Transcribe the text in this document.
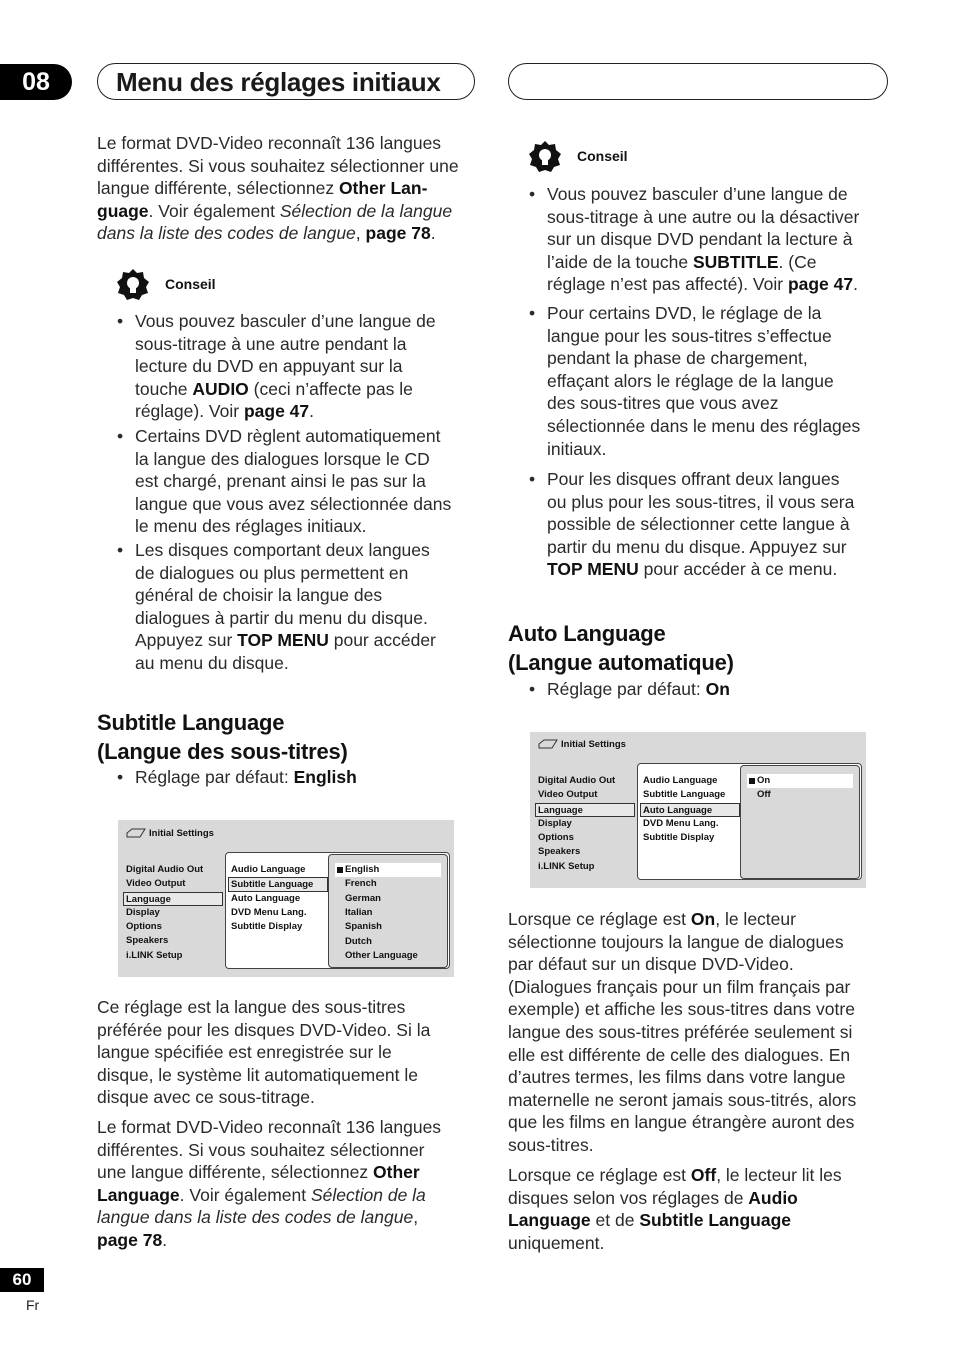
08	Menu des réglages initiaux
Le format DVD-Video reconnaît 136 langues
différentes. Si vous souhaitez sélectionner une
langue différente, sélectionnez Other Lan-
guage. Voir également Sélection de la langue
dans la liste des codes de langue, page 78.
Conseil
• Vous pouvez basculer d’une langue de
sous-titrage à une autre pendant la
lecture du DVD en appuyant sur la
touche AUDIO (ceci n’affecte pas le
réglage). Voir page 47.
• Certains DVD règlent automatiquement
la langue des dialogues lorsque le CD
est chargé, prenant ainsi le pas sur la
langue que vous avez sélectionnée dans
le menu des réglages initiaux.
• Les disques comportant deux langues
de dialogues ou plus permettent en
général de choisir la langue des
dialogues à partir du menu du disque.
Appuyez sur TOP MENU pour accéder
au menu du disque.
Subtitle Language
(Langue des sous-titres)
• Réglage par défaut: English
Initial Settings
Digital Audio Out
Video Output
Language
Display
Options
Speakers
i.LINK Setup
Audio Language
Subtitle Language
Auto Language
DVD Menu Lang.
Subtitle Display
English
French
German
Italian
Spanish
Dutch
Other Language
Ce réglage est la langue des sous-titres
préférée pour les disques DVD-Video. Si la
langue spécifiée est enregistrée sur le
disque, le système lit automatiquement le
disque avec ce sous-titrage.
Le format DVD-Video reconnaît 136 langues
différentes. Si vous souhaitez sélectionner
une langue différente, sélectionnez Other
Language. Voir également Sélection de la
langue dans la liste des codes de langue,
page 78.
Conseil
• Vous pouvez basculer d’une langue de
sous-titrage à une autre ou la désactiver
sur un disque DVD pendant la lecture à
l’aide de la touche SUBTITLE. (Ce
réglage n’est pas affecté). Voir page 47.
• Pour certains DVD, le réglage de la
langue pour les sous-titres s’effectue
pendant la phase de chargement,
effaçant alors le réglage de la langue
des sous-titres que vous avez
sélectionnée dans le menu des réglages
initiaux.
• Pour les disques offrant deux langues
ou plus pour les sous-titres, il vous sera
possible de sélectionner cette langue à
partir du menu du disque. Appuyez sur
TOP MENU pour accéder à ce menu.
Auto Language
(Langue automatique)
• Réglage par défaut: On
Initial Settings
Digital Audio Out
Video Output
Language
Display
Options
Speakers
i.LINK Setup
Audio Language
Subtitle Language
Auto Language
DVD Menu Lang.
Subtitle Display
On
Off
Lorsque ce réglage est On, le lecteur
sélectionne toujours la langue de dialogues
par défaut sur un disque DVD-Video.
(Dialogues français pour un film français par
exemple) et affiche les sous-titres dans votre
langue des sous-titres préférée seulement si
elle est différente de celle des dialogues. En
d’autres termes, les films dans votre langue
maternelle ne seront jamais sous-titrés, alors
que les films en langue étrangère auront des
sous-titres.
Lorsque ce réglage est Off, le lecteur lit les
disques selon vos réglages de Audio
Language et de Subtitle Language
uniquement.
60
Fr
